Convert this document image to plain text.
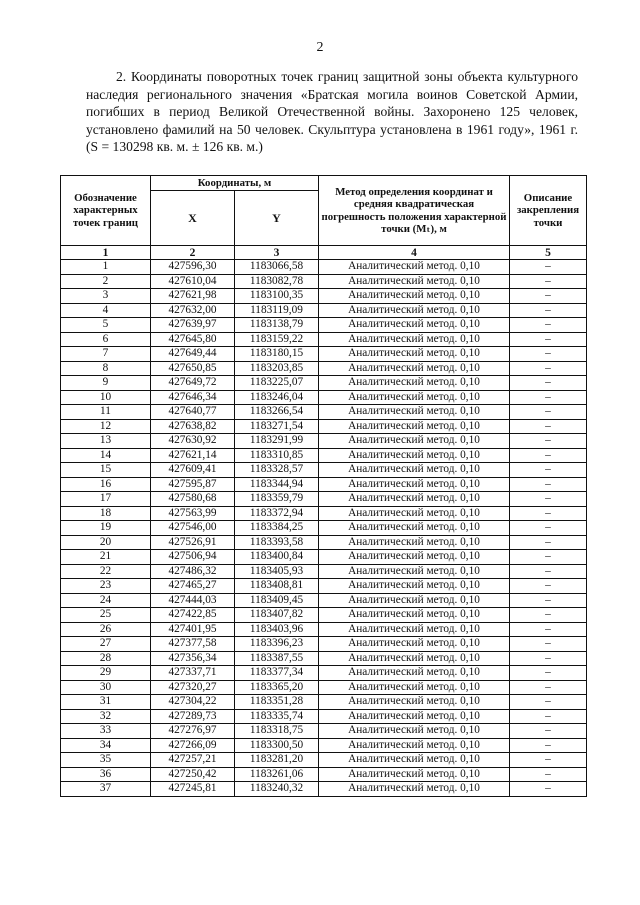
2

2. Координаты поворотных точек границ защитной зоны объекта культурного наследия регионального значения «Братская могила воинов Советской Армии, погибших в период Великой Отечественной войны. Захоронено 125 человек, установлено фамилий на 50 человек. Скульптура установлена в 1961 году», 1961 г. (S = 130298 кв. м. ± 126 кв. м.)

Обозначение характерных точек границ	Координаты, м		Метод определения координат и средняя квадратическая погрешность положения характерной точки (Mₜ), м	Описание закрепления точки
	X	Y		
1	2	3	4	5
1	427596,30	1183066,58	Аналитический метод. 0,10	–
2	427610,04	1183082,78	Аналитический метод. 0,10	–
3	427621,98	1183100,35	Аналитический метод. 0,10	–
4	427632,00	1183119,09	Аналитический метод. 0,10	–
5	427639,97	1183138,79	Аналитический метод. 0,10	–
6	427645,80	1183159,22	Аналитический метод. 0,10	–
7	427649,44	1183180,15	Аналитический метод. 0,10	–
8	427650,85	1183203,85	Аналитический метод. 0,10	–
9	427649,72	1183225,07	Аналитический метод. 0,10	–
10	427646,34	1183246,04	Аналитический метод. 0,10	–
11	427640,77	1183266,54	Аналитический метод. 0,10	–
12	427638,82	1183271,54	Аналитический метод. 0,10	–
13	427630,92	1183291,99	Аналитический метод. 0,10	–
14	427621,14	1183310,85	Аналитический метод. 0,10	–
15	427609,41	1183328,57	Аналитический метод. 0,10	–
16	427595,87	1183344,94	Аналитический метод. 0,10	–
17	427580,68	1183359,79	Аналитический метод. 0,10	–
18	427563,99	1183372,94	Аналитический метод. 0,10	–
19	427546,00	1183384,25	Аналитический метод. 0,10	–
20	427526,91	1183393,58	Аналитический метод. 0,10	–
21	427506,94	1183400,84	Аналитический метод. 0,10	–
22	427486,32	1183405,93	Аналитический метод. 0,10	–
23	427465,27	1183408,81	Аналитический метод. 0,10	–
24	427444,03	1183409,45	Аналитический метод. 0,10	–
25	427422,85	1183407,82	Аналитический метод. 0,10	–
26	427401,95	1183403,96	Аналитический метод. 0,10	–
27	427377,58	1183396,23	Аналитический метод. 0,10	–
28	427356,34	1183387,55	Аналитический метод. 0,10	–
29	427337,71	1183377,34	Аналитический метод. 0,10	–
30	427320,27	1183365,20	Аналитический метод. 0,10	–
31	427304,22	1183351,28	Аналитический метод. 0,10	–
32	427289,73	1183335,74	Аналитический метод. 0,10	–
33	427276,97	1183318,75	Аналитический метод. 0,10	–
34	427266,09	1183300,50	Аналитический метод. 0,10	–
35	427257,21	1183281,20	Аналитический метод. 0,10	–
36	427250,42	1183261,06	Аналитический метод. 0,10	–
37	427245,81	1183240,32	Аналитический метод. 0,10	–
